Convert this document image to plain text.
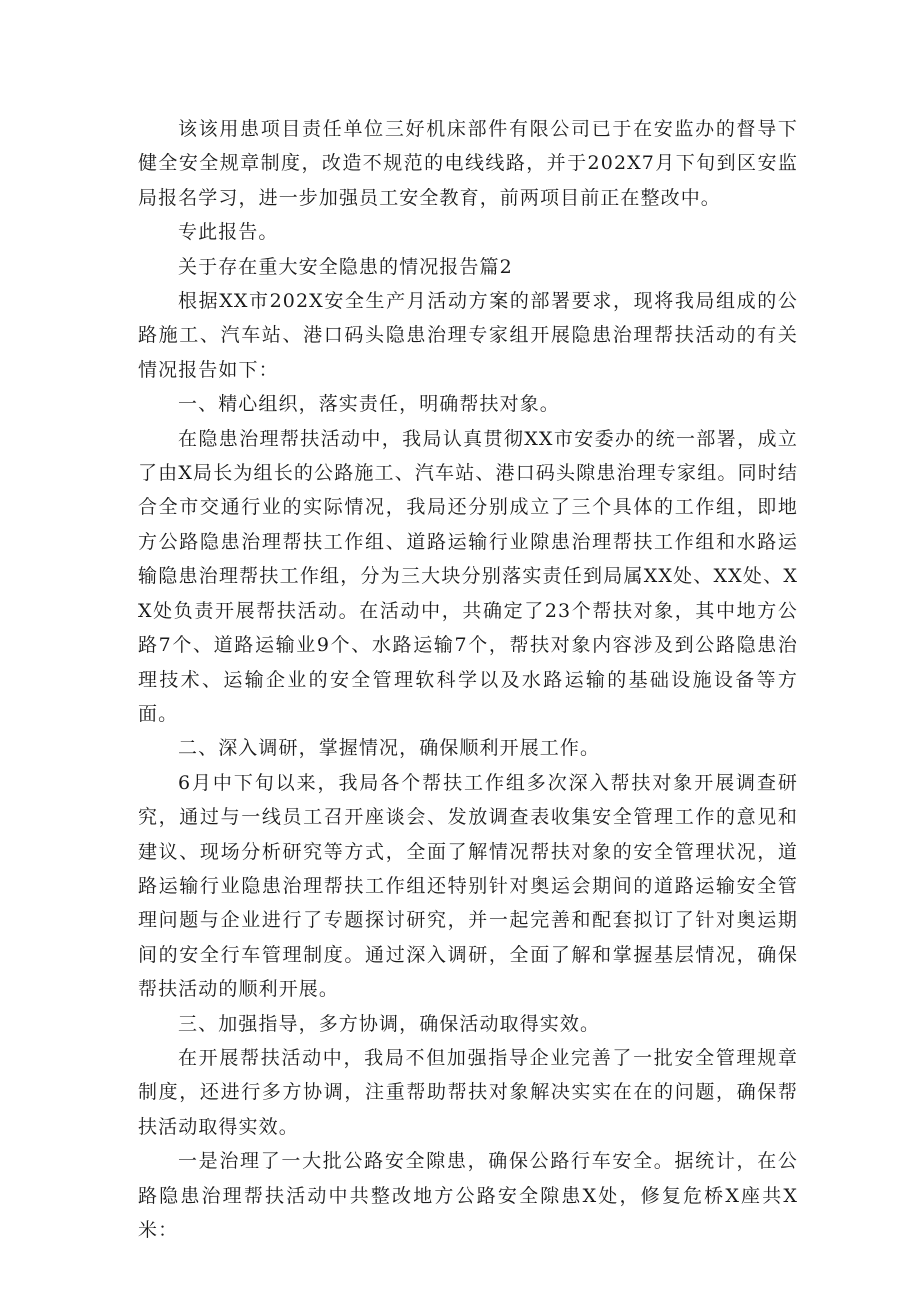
该该用患项目责任单位三好机床部件有限公司已于在安监办的督导下健全安全规章制度，改造不规范的电线线路，并于202X7月下旬到区安监局报名学习，进一步加强员工安全教育，前两项目前正在整改中。

专此报告。

关于存在重大安全隐患的情况报告篇2

根据XX市202X安全生产月活动方案的部署要求，现将我局组成的公路施工、汽车站、港口码头隐患治理专家组开展隐患治理帮扶活动的有关情况报告如下：

一、精心组织，落实责任，明确帮扶对象。

在隐患治理帮扶活动中，我局认真贯彻XX市安委办的统一部署，成立了由X局长为组长的公路施工、汽车站、港口码头隙患治理专家组。同时结合全市交通行业的实际情况，我局还分别成立了三个具体的工作组，即地方公路隐患治理帮扶工作组、道路运输行业隙患治理帮扶工作组和水路运输隐患治理帮扶工作组，分为三大块分别落实责任到局属XX处、XX处、XX处负责开展帮扶活动。在活动中，共确定了23个帮扶对象，其中地方公路7个、道路运输业9个、水路运输7个，帮扶对象内容涉及到公路隐患治理技术、运输企业的安全管理软科学以及水路运输的基础设施设备等方面。

二、深入调研，掌握情况，确保顺利开展工作。

6月中下旬以来，我局各个帮扶工作组多次深入帮扶对象开展调查研究，通过与一线员工召开座谈会、发放调查表收集安全管理工作的意见和建议、现场分析研究等方式，全面了解情况帮扶对象的安全管理状况，道路运输行业隐患治理帮扶工作组还特别针对奥运会期间的道路运输安全管理问题与企业进行了专题探讨研究，并一起完善和配套拟订了针对奥运期间的安全行车管理制度。通过深入调研，全面了解和掌握基层情况，确保帮扶活动的顺利开展。

三、加强指导，多方协调，确保活动取得实效。

在开展帮扶活动中，我局不但加强指导企业完善了一批安全管理规章制度，还进行多方协调，注重帮助帮扶对象解决实实在在的问题，确保帮扶活动取得实效。

一是治理了一大批公路安全隙患，确保公路行车安全。据统计，在公路隐患治理帮扶活动中共整改地方公路安全隙患X处，修复危桥X座共X米：
